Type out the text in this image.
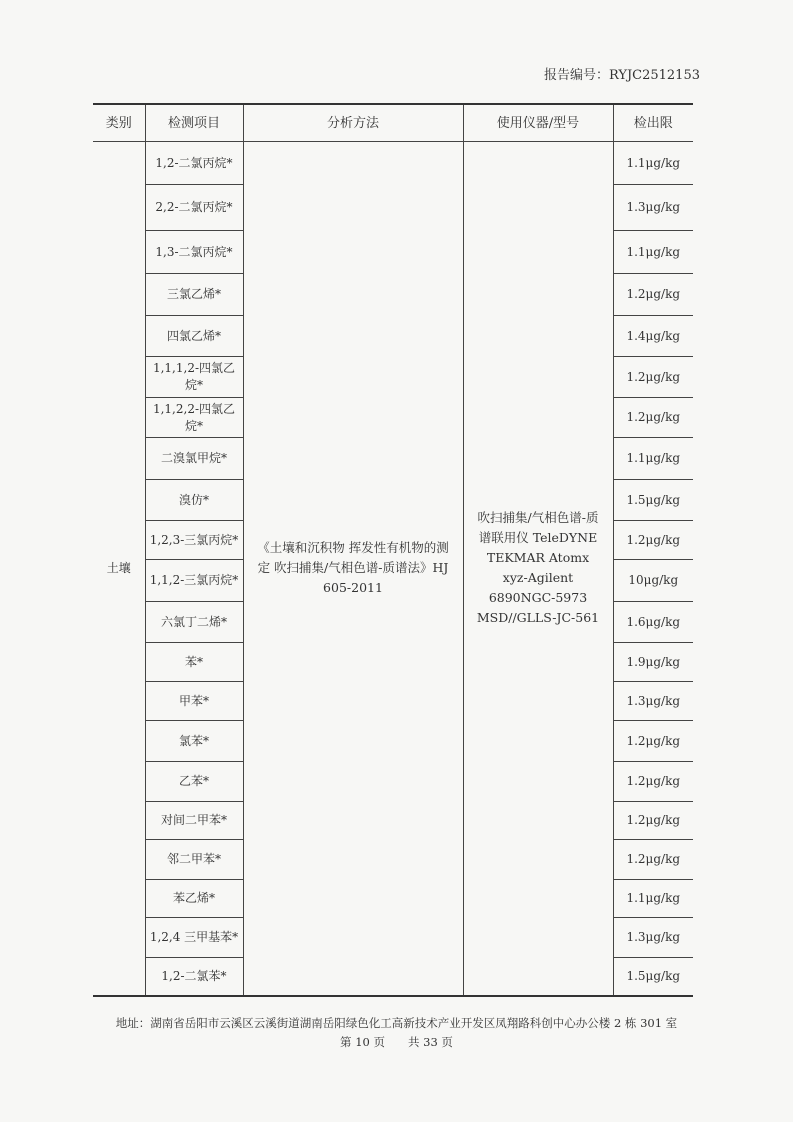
报告编号：RYJC2512153
类别	检测项目	分析方法	使用仪器/型号	检出限
土壤	1,2-二氯丙烷*	《土壤和沉积物 挥发性有机物的测定 吹扫捕集/气相色谱-质谱法》HJ 605-2011	吹扫捕集/气相色谱-质谱联用仪 TeleDYNE TEKMAR Atomx xyz-Agilent 6890NGC-5973 MSD//GLLS-JC-561	1.1μg/kg
	2,2-二氯丙烷*			1.3μg/kg
	1,3-二氯丙烷*			1.1μg/kg
	三氯乙烯*			1.2μg/kg
	四氯乙烯*			1.4μg/kg
	1,1,1,2-四氯乙烷*			1.2μg/kg
	1,1,2,2-四氯乙烷*			1.2μg/kg
	二溴氯甲烷*			1.1μg/kg
	溴仿*			1.5μg/kg
	1,2,3-三氯丙烷*			1.2μg/kg
	1,1,2-三氯丙烷*			10μg/kg
	六氯丁二烯*			1.6μg/kg
	苯*			1.9μg/kg
	甲苯*			1.3μg/kg
	氯苯*			1.2μg/kg
	乙苯*			1.2μg/kg
	对间二甲苯*			1.2μg/kg
	邻二甲苯*			1.2μg/kg
	苯乙烯*			1.1μg/kg
	1,2,4 三甲基苯*			1.3μg/kg
	1,2-二氯苯*			1.5μg/kg
地址：湖南省岳阳市云溪区云溪街道湖南岳阳绿色化工高新技术产业开发区凤翔路科创中心办公楼 2 栋 301 室
第 10 页　　共 33 页
